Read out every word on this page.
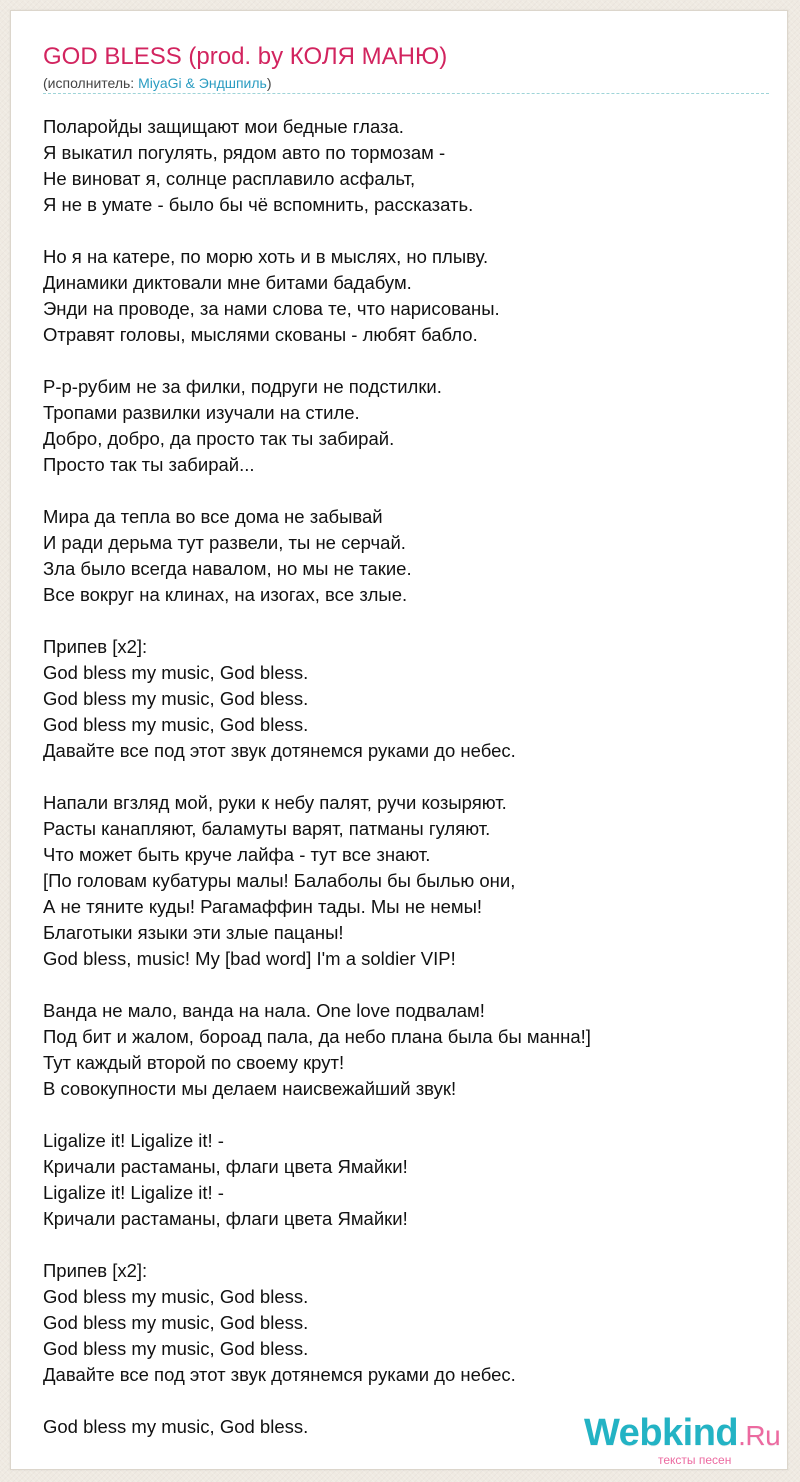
GOD BLESS (prod. by КОЛЯ МАНЮ)
(исполнитель: MiyaGi & Эндшпиль)
Поларойды защищают мои бедные глаза.
Я выкатил погулять, рядом авто по тормозам -
Не виноват я, солнце расплавило асфальт,
Я не в умате - было бы чё вспомнить, рассказать.
Но я на катере, по морю хоть и в мыслях, но плыву.
Динамики диктовали мне битами бадабум.
Энди на проводе, за нами слова те, что нарисованы.
Отравят головы, мыслями скованы - любят бабло.
Р-р-рубим не за филки, подруги не подстилки.
Тропами развилки изучали на стиле.
Добро, добро, да просто так ты забирай.
Просто так ты забирай...
Мира да тепла во все дома не забывай
И ради дерьма тут развели, ты не серчай.
Зла было всегда навалом, но мы не такие.
Все вокруг на клинах, на изогах, все злые.
Припев [x2]:
God bless my music, God bless.
God bless my music, God bless.
God bless my music, God bless.
Давайте все под этот звук дотянемся руками до небес.
Напали вгзляд мой, руки к небу палят, ручи козыряют.
Расты канапляют, баламуты варят, патманы гуляют.
Что может быть круче лайфа - тут все знают.
[По головам кубатуры малы! Балаболы бы былью они,
А не тяните куды! Рагамаффин тады. Мы не немы!
Благотыки языки эти злые пацаны!
God bless, music! My [bad word] I'm a soldier VIP!
Ванда не мало, ванда на нала. One love подвалам!
Под бит и жалом, бороад пала, да небо плана была бы манна!]
Тут каждый второй по своему крут!
В совокупности мы делаем наисвежайший звук!
Ligalize it! Ligalize it! -
Кричали растаманы, флаги цвета Ямайки!
Ligalize it! Ligalize it! -
Кричали растаманы, флаги цвета Ямайки!
Припев [x2]:
God bless my music, God bless.
God bless my music, God bless.
God bless my music, God bless.
Давайте все под этот звук дотянемся руками до небес.
God bless my music, God bless.	Webkind.Ru
тексты песен
